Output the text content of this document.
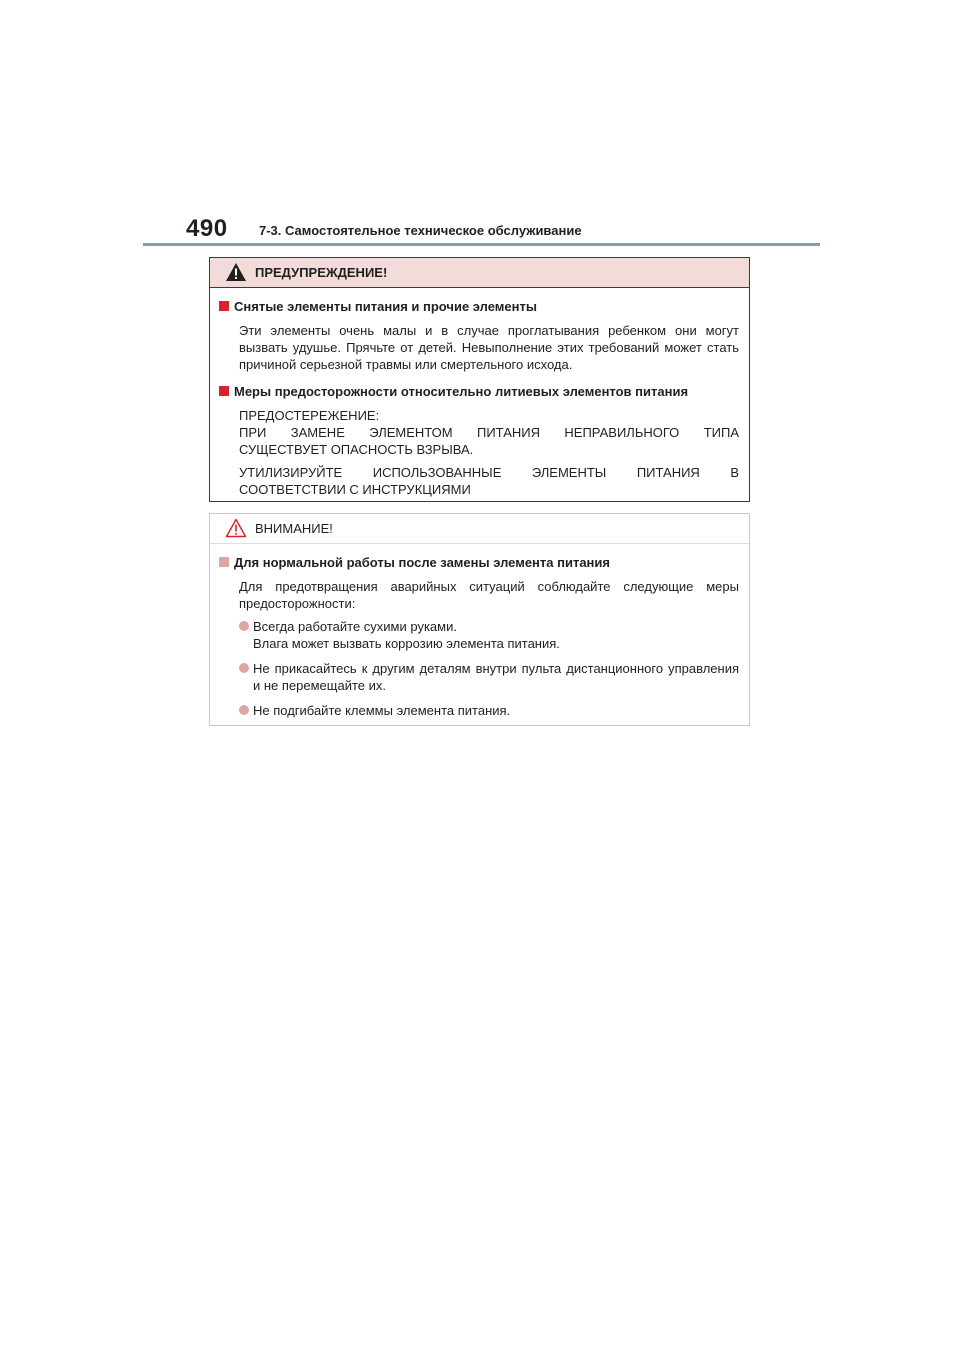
490 7-3. Самостоятельное техническое обслуживание
ПРЕДУПРЕЖДЕНИЕ!
Снятые элементы питания и прочие элементы
Эти элементы очень малы и в случае проглатывания ребенком они могут
вызвать удушье. Прячьте от детей. Невыполнение этих требований может стать
причиной серьезной травмы или смертельного исхода.
Меры предосторожности относительно литиевых элементов питания
ПРЕДОСТЕРЕЖЕНИЕ:
ПРИ ЗАМЕНЕ ЭЛЕМЕНТОМ ПИТАНИЯ НЕПРАВИЛЬНОГО ТИПА
СУЩЕСТВУЕТ ОПАСНОСТЬ ВЗРЫВА.
УТИЛИЗИРУЙТЕ ИСПОЛЬЗОВАННЫЕ ЭЛЕМЕНТЫ ПИТАНИЯ В
СООТВЕТСТВИИ С ИНСТРУКЦИЯМИ
ВНИМАНИЕ!
Для нормальной работы после замены элемента питания
Для предотвращения аварийных ситуаций соблюдайте следующие меры
предосторожности:
Всегда работайте сухими руками.
Влага может вызвать коррозию элемента питания.
Не прикасайтесь к другим деталям внутри пульта дистанционного управления
и не перемещайте их.
Не подгибайте клеммы элемента питания.
